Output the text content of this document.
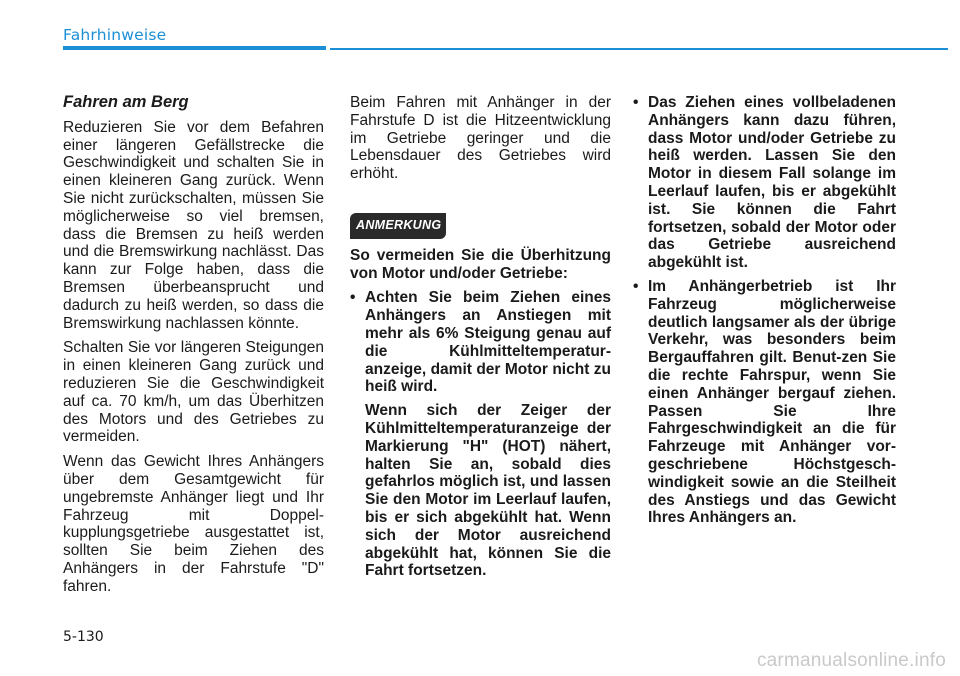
Fahrhinweise
Fahren am Berg

Reduzieren Sie vor dem Befahren einer längeren Gefällstrecke die Geschwindigkeit und schalten Sie in einen kleineren Gang zurück. Wenn Sie nicht zurückschalten, müssen Sie möglicherweise so viel bremsen, dass die Bremsen zu heiß werden und die Bremswirkung nachlässt. Das kann zur Folge haben, dass die Bremsen überbeansprucht und dadurch zu heiß werden, so dass die Bremswirkung nachlassen könnte.

Schalten Sie vor längeren Steigungen in einen kleineren Gang zurück und reduzieren Sie die Geschwindigkeit auf ca. 70 km/h, um das Überhitzen des Motors und des Getriebes zu vermeiden.

Wenn das Gewicht Ihres Anhängers über dem Gesamtgewicht für ungebremste Anhänger liegt und Ihr Fahrzeug mit Doppel-kupplungsgetriebe ausgestattet ist, sollten Sie beim Ziehen des Anhängers in der Fahrstufe "D" fahren.

Beim Fahren mit Anhänger in der Fahrstufe D ist die Hitzeentwicklung im Getriebe geringer und die Lebensdauer des Getriebes wird erhöht.

ANMERKUNG

So vermeiden Sie die Überhitzung von Motor und/oder Getriebe:

• Achten Sie beim Ziehen eines Anhängers an Anstiegen mit mehr als 6% Steigung genau auf die Kühlmitteltemperatur-anzeige, damit der Motor nicht zu heiß wird.
Wenn sich der Zeiger der Kühlmitteltemperaturanzeige der Markierung "H" (HOT) nähert, halten Sie an, sobald dies gefahrlos möglich ist, und lassen Sie den Motor im Leerlauf laufen, bis er sich abgekühlt hat. Wenn sich der Motor ausreichend abgekühlt hat, können Sie die Fahrt fortsetzen.
• Das Ziehen eines vollbeladenen Anhängers kann dazu führen, dass Motor und/oder Getriebe zu heiß werden. Lassen Sie den Motor in diesem Fall solange im Leerlauf laufen, bis er abgekühlt ist. Sie können die Fahrt fortsetzen, sobald der Motor oder das Getriebe ausreichend abgekühlt ist.
• Im Anhängerbetrieb ist Ihr Fahrzeug möglicherweise deutlich langsamer als der übrige Verkehr, was besonders beim Bergauffahren gilt. Benut-zen Sie die rechte Fahrspur, wenn Sie einen Anhänger bergauf ziehen. Passen Sie Ihre Fahrgeschwindigkeit an die für Fahrzeuge mit Anhänger vor-geschriebene Höchstgesch-windigkeit sowie an die Steilheit des Anstiegs und das Gewicht Ihres Anhängers an.
5-130
carmanualsonline.info
